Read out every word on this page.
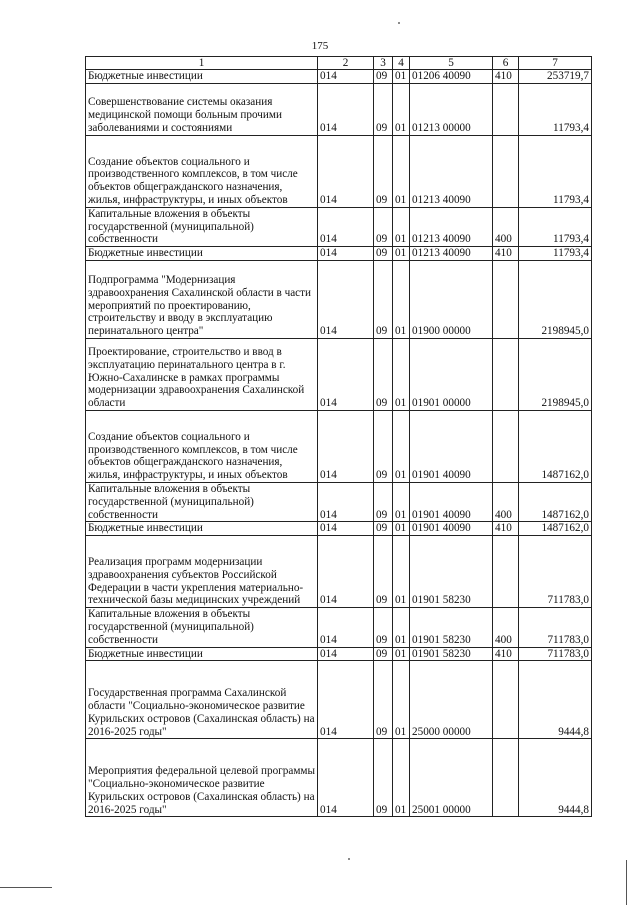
175
1	2	3	4	5	6	7
Бюджетные инвестиции	014	09	01	01206 40090	410	253719,7
Совершенствование системы оказания медицинской помощи больным прочими заболеваниями и состояниями	014	09	01	01213 00000		11793,4
Создание объектов социального и производственного комплексов, в том числе объектов общегражданского назначения, жилья, инфраструктуры, и иных объектов	014	09	01	01213 40090		11793,4
Капитальные вложения в объекты государственной (муниципальной) собственности	014	09	01	01213 40090	400	11793,4
Бюджетные инвестиции	014	09	01	01213 40090	410	11793,4
Подпрограмма "Модернизация здравоохранения Сахалинской области в части мероприятий по проектированию, строительству и вводу в эксплуатацию перинатального центра"	014	09	01	01900 00000		2198945,0
Проектирование, строительство и ввод в эксплуатацию перинатального центра в г. Южно-Сахалинске в рамках программы модернизации здравоохранения Сахалинской области	014	09	01	01901 00000		2198945,0
Создание объектов социального и производственного комплексов, в том числе объектов общегражданского назначения, жилья, инфраструктуры, и иных объектов	014	09	01	01901 40090		1487162,0
Капитальные вложения в объекты государственной (муниципальной) собственности	014	09	01	01901 40090	400	1487162,0
Бюджетные инвестиции	014	09	01	01901 40090	410	1487162,0
Реализация программ модернизации здравоохранения субъектов Российской Федерации в части укрепления материально-технической базы медицинских учреждений	014	09	01	01901 58230		711783,0
Капитальные вложения в объекты государственной (муниципальной) собственности	014	09	01	01901 58230	400	711783,0
Бюджетные инвестиции	014	09	01	01901 58230	410	711783,0
Государственная программа Сахалинской области "Социально-экономическое развитие Курильских островов (Сахалинская область) на 2016-2025 годы"	014	09	01	25000 00000		9444,8
Мероприятия федеральной целевой программы "Социально-экономическое развитие Курильских островов (Сахалинская область) на 2016-2025 годы"	014	09	01	25001 00000		9444,8
